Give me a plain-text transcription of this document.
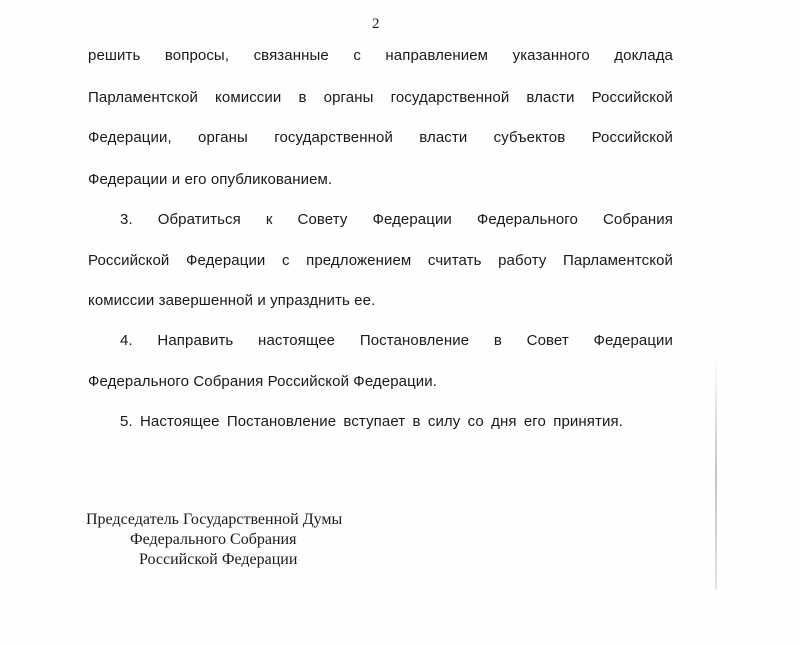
2
решить вопросы, связанные с направлением указанного доклада
Парламентской комиссии в органы государственной власти Российской
Федерации, органы государственной власти субъектов Российской
Федерации и его опубликованием.
3. Обратиться к Совету Федерации Федерального Собрания
Российской Федерации с предложением считать работу Парламентской
комиссии завершенной и упразднить ее.
4. Направить настоящее Постановление в Совет Федерации
Федерального Собрания Российской Федерации.
5. Настоящее Постановление вступает в силу со дня его принятия.
Председатель Государственной Думы
Федерального Собрания
Российской Федерации
